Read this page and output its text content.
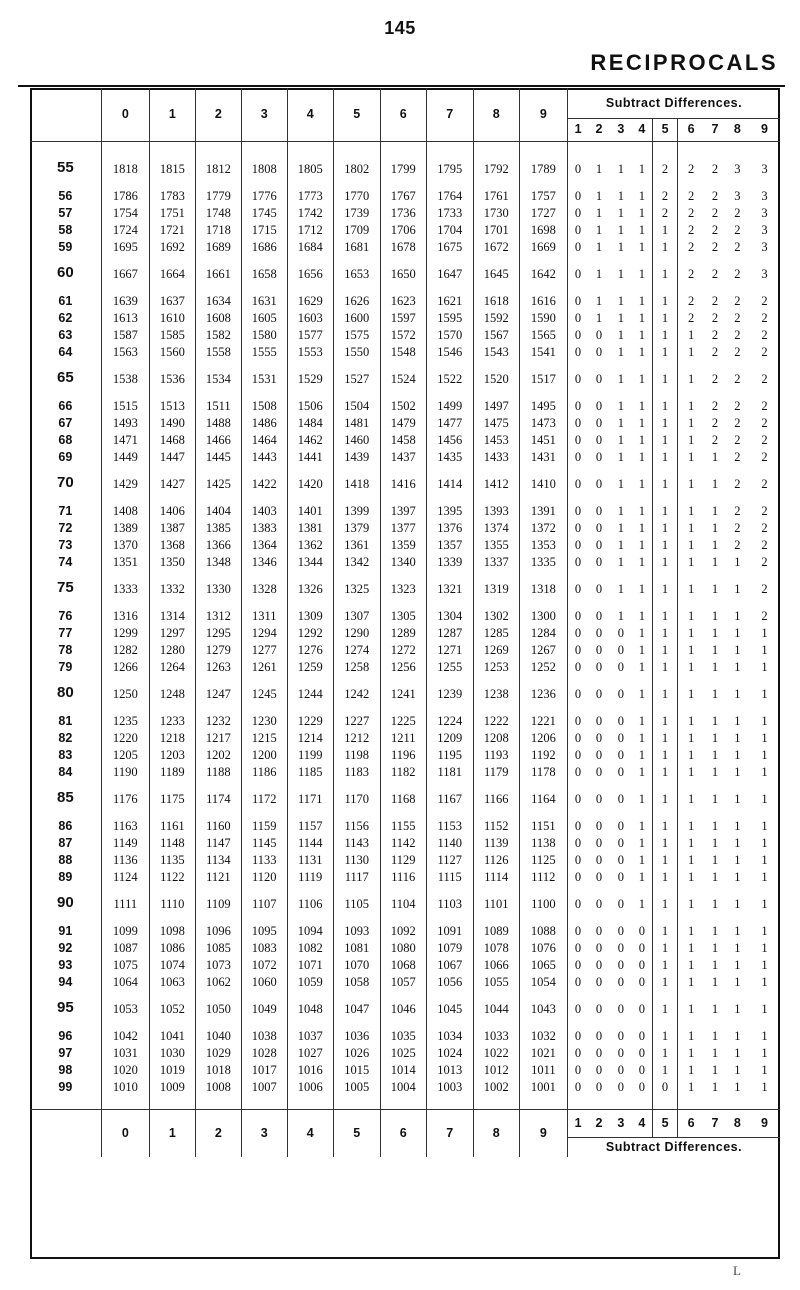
145
RECIPROCALS
	0	1	2	3	4	5	6	7	8	9	Subtract Differences.								
											1	2	3	4	5	6	7	8	9
55	1818	1815	1812	1808	1805	1802	1799	1795	1792	1789	0	1	1	1	2	2	2	3	3
56	1786	1783	1779	1776	1773	1770	1767	1764	1761	1757	0	1	1	1	2	2	2	3	3
57	1754	1751	1748	1745	1742	1739	1736	1733	1730	1727	0	1	1	1	2	2	2	2	3
58	1724	1721	1718	1715	1712	1709	1706	1704	1701	1698	0	1	1	1	1	2	2	2	3
59	1695	1692	1689	1686	1684	1681	1678	1675	1672	1669	0	1	1	1	1	2	2	2	3
60	1667	1664	1661	1658	1656	1653	1650	1647	1645	1642	0	1	1	1	1	2	2	2	3
61	1639	1637	1634	1631	1629	1626	1623	1621	1618	1616	0	1	1	1	1	2	2	2	2
62	1613	1610	1608	1605	1603	1600	1597	1595	1592	1590	0	1	1	1	1	2	2	2	2
63	1587	1585	1582	1580	1577	1575	1572	1570	1567	1565	0	0	1	1	1	1	2	2	2
64	1563	1560	1558	1555	1553	1550	1548	1546	1543	1541	0	0	1	1	1	1	2	2	2
65	1538	1536	1534	1531	1529	1527	1524	1522	1520	1517	0	0	1	1	1	1	2	2	2
66	1515	1513	1511	1508	1506	1504	1502	1499	1497	1495	0	0	1	1	1	1	2	2	2
67	1493	1490	1488	1486	1484	1481	1479	1477	1475	1473	0	0	1	1	1	1	2	2	2
68	1471	1468	1466	1464	1462	1460	1458	1456	1453	1451	0	0	1	1	1	1	2	2	2
69	1449	1447	1445	1443	1441	1439	1437	1435	1433	1431	0	0	1	1	1	1	1	2	2
70	1429	1427	1425	1422	1420	1418	1416	1414	1412	1410	0	0	1	1	1	1	1	2	2
71	1408	1406	1404	1403	1401	1399	1397	1395	1393	1391	0	0	1	1	1	1	1	2	2
72	1389	1387	1385	1383	1381	1379	1377	1376	1374	1372	0	0	1	1	1	1	1	2	2
73	1370	1368	1366	1364	1362	1361	1359	1357	1355	1353	0	0	1	1	1	1	1	2	2
74	1351	1350	1348	1346	1344	1342	1340	1339	1337	1335	0	0	1	1	1	1	1	1	2
75	1333	1332	1330	1328	1326	1325	1323	1321	1319	1318	0	0	1	1	1	1	1	1	2
76	1316	1314	1312	1311	1309	1307	1305	1304	1302	1300	0	0	1	1	1	1	1	1	2
77	1299	1297	1295	1294	1292	1290	1289	1287	1285	1284	0	0	0	1	1	1	1	1	1
78	1282	1280	1279	1277	1276	1274	1272	1271	1269	1267	0	0	0	1	1	1	1	1	1
79	1266	1264	1263	1261	1259	1258	1256	1255	1253	1252	0	0	0	1	1	1	1	1	1
80	1250	1248	1247	1245	1244	1242	1241	1239	1238	1236	0	0	0	1	1	1	1	1	1
81	1235	1233	1232	1230	1229	1227	1225	1224	1222	1221	0	0	0	1	1	1	1	1	1
82	1220	1218	1217	1215	1214	1212	1211	1209	1208	1206	0	0	0	1	1	1	1	1	1
83	1205	1203	1202	1200	1199	1198	1196	1195	1193	1192	0	0	0	1	1	1	1	1	1
84	1190	1189	1188	1186	1185	1183	1182	1181	1179	1178	0	0	0	1	1	1	1	1	1
85	1176	1175	1174	1172	1171	1170	1168	1167	1166	1164	0	0	0	1	1	1	1	1	1
86	1163	1161	1160	1159	1157	1156	1155	1153	1152	1151	0	0	0	1	1	1	1	1	1
87	1149	1148	1147	1145	1144	1143	1142	1140	1139	1138	0	0	0	1	1	1	1	1	1
88	1136	1135	1134	1133	1131	1130	1129	1127	1126	1125	0	0	0	1	1	1	1	1	1
89	1124	1122	1121	1120	1119	1117	1116	1115	1114	1112	0	0	0	1	1	1	1	1	1
90	1111	1110	1109	1107	1106	1105	1104	1103	1101	1100	0	0	0	1	1	1	1	1	1
91	1099	1098	1096	1095	1094	1093	1092	1091	1089	1088	0	0	0	0	1	1	1	1	1
92	1087	1086	1085	1083	1082	1081	1080	1079	1078	1076	0	0	0	0	1	1	1	1	1
93	1075	1074	1073	1072	1071	1070	1068	1067	1066	1065	0	0	0	0	1	1	1	1	1
94	1064	1063	1062	1060	1059	1058	1057	1056	1055	1054	0	0	0	0	1	1	1	1	1
95	1053	1052	1050	1049	1048	1047	1046	1045	1044	1043	0	0	0	0	1	1	1	1	1
96	1042	1041	1040	1038	1037	1036	1035	1034	1033	1032	0	0	0	0	1	1	1	1	1
97	1031	1030	1029	1028	1027	1026	1025	1024	1022	1021	0	0	0	0	1	1	1	1	1
98	1020	1019	1018	1017	1016	1015	1014	1013	1012	1011	0	0	0	0	1	1	1	1	1
99	1010	1009	1008	1007	1006	1005	1004	1003	1002	1001	0	0	0	0	0	1	1	1	1

	0	1	2	3	4	5	6	7	8	9	1	2	3	4	5	6	7	8	9
											Subtract Differences.								
L
